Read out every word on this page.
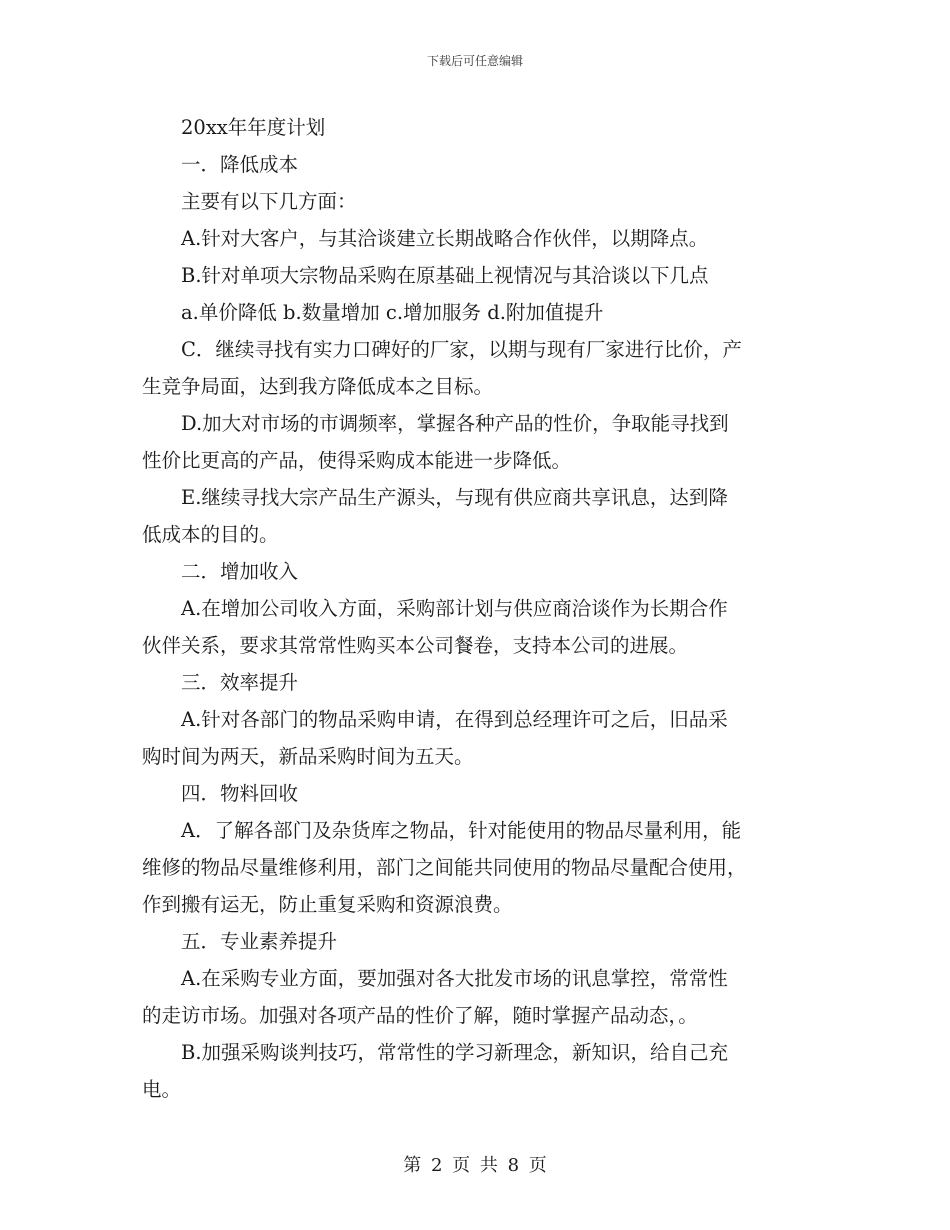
下载后可任意编辑

20xx年年度计划

一．降低成本

主要有以下几方面：

A.针对大客户，与其洽谈建立长期战略合作伙伴，以期降点。

B.针对单项大宗物品采购在原基础上视情况与其洽谈以下几点

a.单价降低 b.数量增加 c.增加服务 d.附加值提升

C．继续寻找有实力口碑好的厂家，以期与现有厂家进行比价，产
生竞争局面，达到我方降低成本之目标。

D.加大对市场的市调频率，掌握各种产品的性价，争取能寻找到
性价比更高的产品，使得采购成本能进一步降低。

E.继续寻找大宗产品生产源头，与现有供应商共享讯息，达到降
低成本的目的。

二．增加收入

A.在增加公司收入方面，采购部计划与供应商洽谈作为长期合作
伙伴关系，要求其常常性购买本公司餐卷，支持本公司的进展。

三．效率提升

A.针对各部门的物品采购申请，在得到总经理许可之后，旧品采
购时间为两天，新品采购时间为五天。

四．物料回收

A．了解各部门及杂货库之物品，针对能使用的物品尽量利用，能
维修的物品尽量维修利用，部门之间能共同使用的物品尽量配合使用，
作到搬有运无，防止重复采购和资源浪费。

五．专业素养提升

A.在采购专业方面，要加强对各大批发市场的讯息掌控，常常性
的走访市场。加强对各项产品的性价了解，随时掌握产品动态，。

B.加强采购谈判技巧，常常性的学习新理念，新知识，给自己充
电。

第 2 页 共 8 页
